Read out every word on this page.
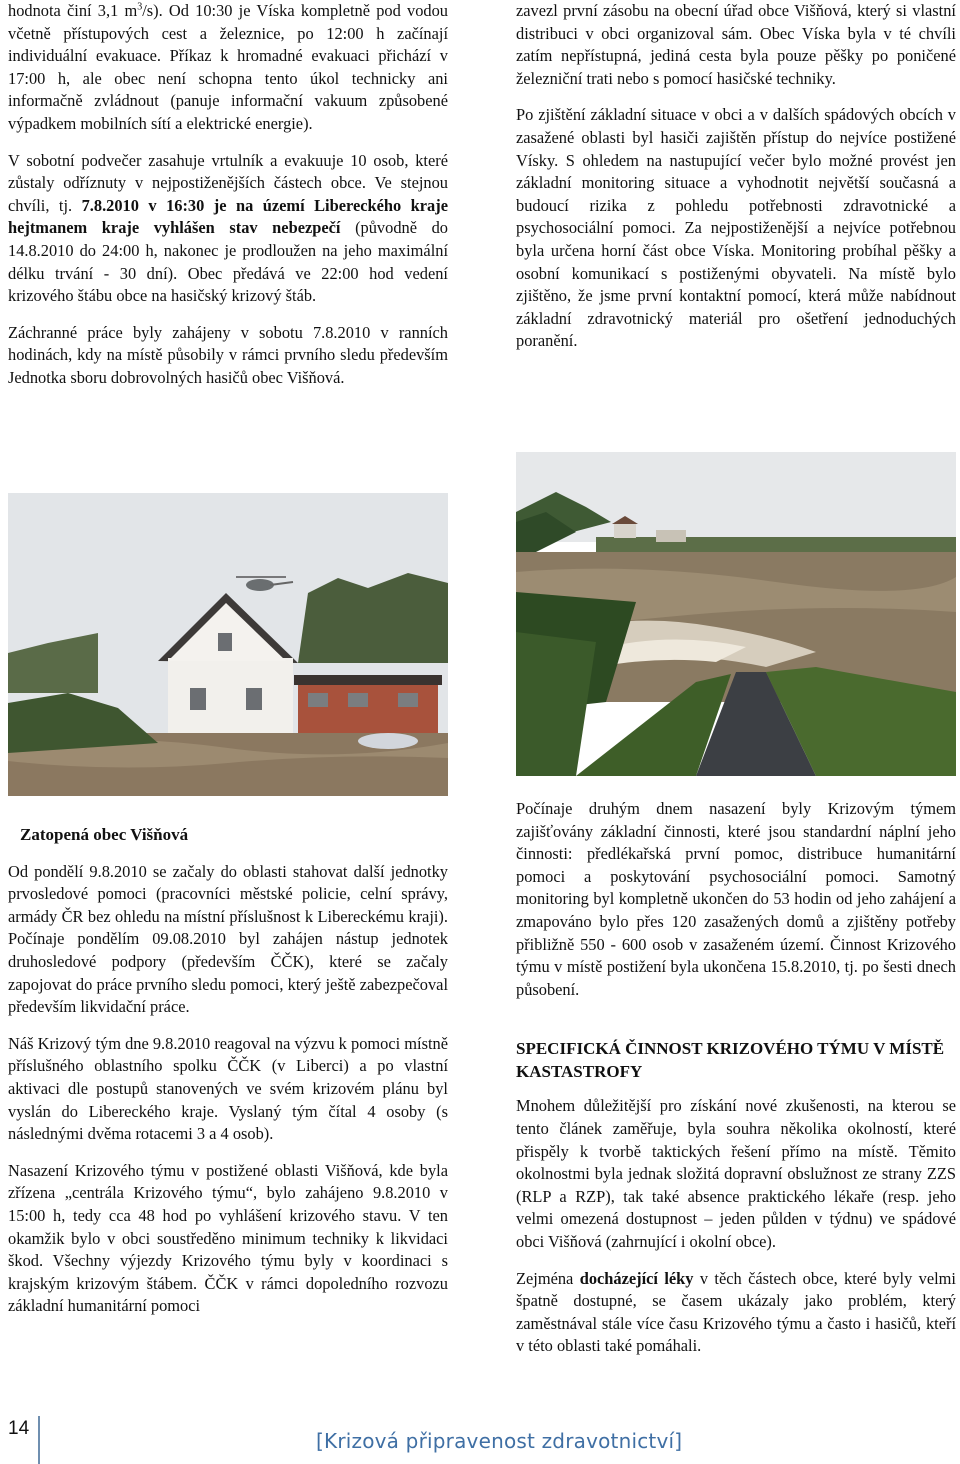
hodnota činí 3,1 $m^3/s$). Od 10:30 je Víska kompletně pod vodou včetně přístupových cest a železnice, po 12:00 h začínají individuální evakuace. Příkaz k hromadné evakuaci přichází v 17:00 h, ale obec není schopna tento úkol technicky ani informačně zvládnout (panuje informační vakuum způsobené výpadkem mobilních sítí a elektrické energie).

V sobotní podvečer zasahuje vrtulník a evakuuje 10 osob, které zůstaly odříznuty v nejpostiženějších částech obce. Ve stejnou chvíli, tj. 7.8.2010 v 16:30 je na území Libereckého kraje hejtmanem kraje vyhlášen stav nebezpečí (původně do 14.8.2010 do 24:00 h, nakonec je prodloužen na jeho maximální délku trvání - 30 dní). Obec předává ve 22:00 hod vedení krizového štábu obce na hasičský krizový štáb.

Záchranné práce byly zahájeny v sobotu 7.8.2010 v ranních hodinách, kdy na místě působily v rámci prvního sledu především Jednotka sboru dobrovolných hasičů obec Višňová.

zavezl první zásobu na obecní úřad obce Višňová, který si vlastní distribuci v obci organizoval sám. Obec Víska byla v té chvíli zatím nepřístupná, jediná cesta byla pouze pěšky po poničené železniční trati nebo s pomocí hasičské techniky.

Po zjištění základní situace v obci a v dalších spádových obcích v zasažené oblasti byl hasiči zajištěn přístup do nejvíce postižené Vísky. S ohledem na nastupující večer bylo možné provést jen základní monitoring situace a vyhodnotit největší současná a budoucí rizika z pohledu potřebnosti zdravotnické a psychosociální pomoci. Za nejpostiženější a nejvíce potřebnou byla určena horní část obce Víska. Monitoring probíhal pěšky a osobní komunikací s postiženými obyvateli. Na místě bylo zjištěno, že jsme první kontaktní pomocí, která může nabídnout základní zdravotnický materiál pro ošetření jednoduchých poranění.

Zatopená obec Višňová

Od pondělí 9.8.2010 se začaly do oblasti stahovat další jednotky prvosledové pomoci (pracovníci městské policie, celní správy, armády ČR bez ohledu na místní příslušnost k Libereckému kraji). Počínaje pondělím 09.08.2010 byl zahájen nástup jednotek druhosledové podpory (především ČČK), které se začaly zapojovat do práce prvního sledu pomoci, který ještě zabezpečoval především likvidační práce.

Náš Krizový tým dne 9.8.2010 reagoval na výzvu k pomoci místně příslušného oblastního spolku ČČK (v Liberci) a po vlastní aktivaci dle postupů stanovených ve svém krizovém plánu byl vyslán do Libereckého kraje. Vyslaný tým čítal 4 osoby (s následnými dvěma rotacemi 3 a 4 osob).

Nasazení Krizového týmu v postižené oblasti Višňová, kde byla zřízena „centrála Krizového týmu“, bylo zahájeno 9.8.2010 v 15:00 h, tedy cca 48 hod po vyhlášení krizového stavu. V ten okamžik bylo v obci soustředěno minimum techniky k likvidaci škod. Všechny výjezdy Krizového týmu byly v koordinaci s krajským krizovým štábem. ČČK v rámci dopoledního rozvozu základní humanitární pomoci

Počínaje druhým dnem nasazení byly Krizovým týmem zajišťovány základní činnosti, které jsou standardní náplní jeho činnosti: předlékařská první pomoc, distribuce humanitární pomoci a poskytování psychosociální pomoci. Samotný monitoring byl kompletně ukončen do 53 hodin od jeho zahájení a zmapováno bylo přes 120 zasažených domů a zjištěny potřeby přibližně 550 - 600 osob v zasaženém území. Činnost Krizového týmu v místě postižení byla ukončena 15.8.2010, tj. po šesti dnech působení.

SPECIFICKÁ ČINNOST KRIZOVÉHO TÝMU V MÍSTĚ KASTASTROFY

Mnohem důležitější pro získání nové zkušenosti, na kterou se tento článek zaměřuje, byla souhra několika okolností, které přispěly k tvorbě taktických řešení přímo na místě. Těmito okolnostmi byla jednak složitá dopravní obslužnost ze strany ZZS (RLP a RZP), tak také absence praktického lékaře (resp. jeho velmi omezená dostupnost – jeden půlden v týdnu) ve spádové obci Višňová (zahrnující i okolní obce).

Zejména docházející léky v těch částech obce, které byly velmi špatně dostupné, se časem ukázaly jako problém, který zaměstnával stále více času Krizového týmu a často i hasičů, kteří v této oblasti také pomáhali.

14
[Krizová připravenost zdravotnictví]
